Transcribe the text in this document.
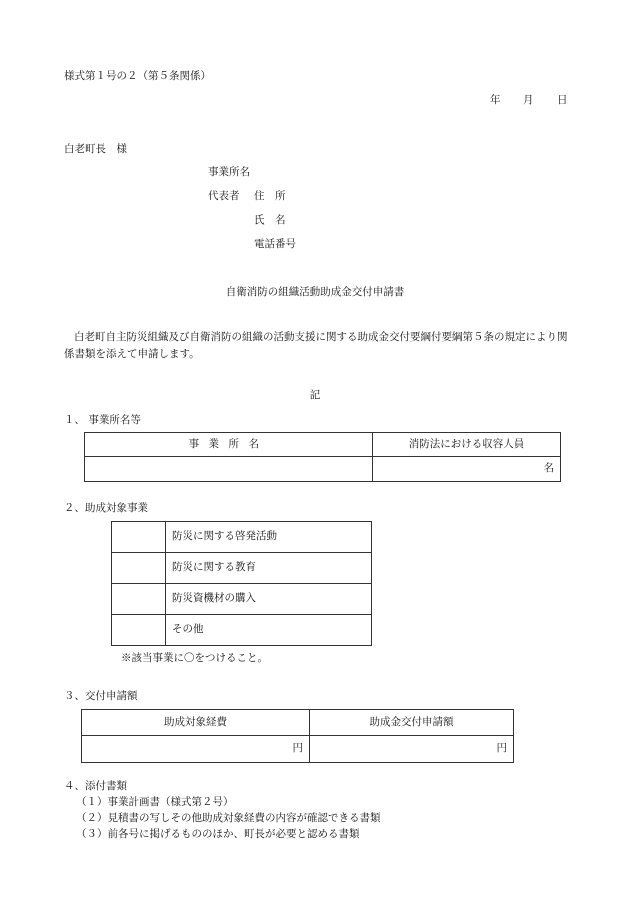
様式第１号の２（第５条関係）
年 月 日
白老町長　様
事業所名
代表者 住　所
氏　名
電話番号
自衛消防の組織活動助成金交付申請書
白老町自主防災組織及び自衛消防の組織の活動支援に関する助成金交付要綱付要綱第５条の規定により関係書類を添えて申請します。
記
１、 事業所名等
事業所名	消防法における収容人員
	名
２、助成対象事業
	防災に関する啓発活動
	防災に関する教育
	防災資機材の購入
	その他
※該当事業に〇をつけること。
３、交付申請額
助成対象経費	助成金交付申請額
円	円
４、添付書類
（１）事業計画書（様式第２号）
（２）見積書の写しその他助成対象経費の内容が確認できる書類
（３）前各号に掲げるもののほか、町長が必要と認める書類
